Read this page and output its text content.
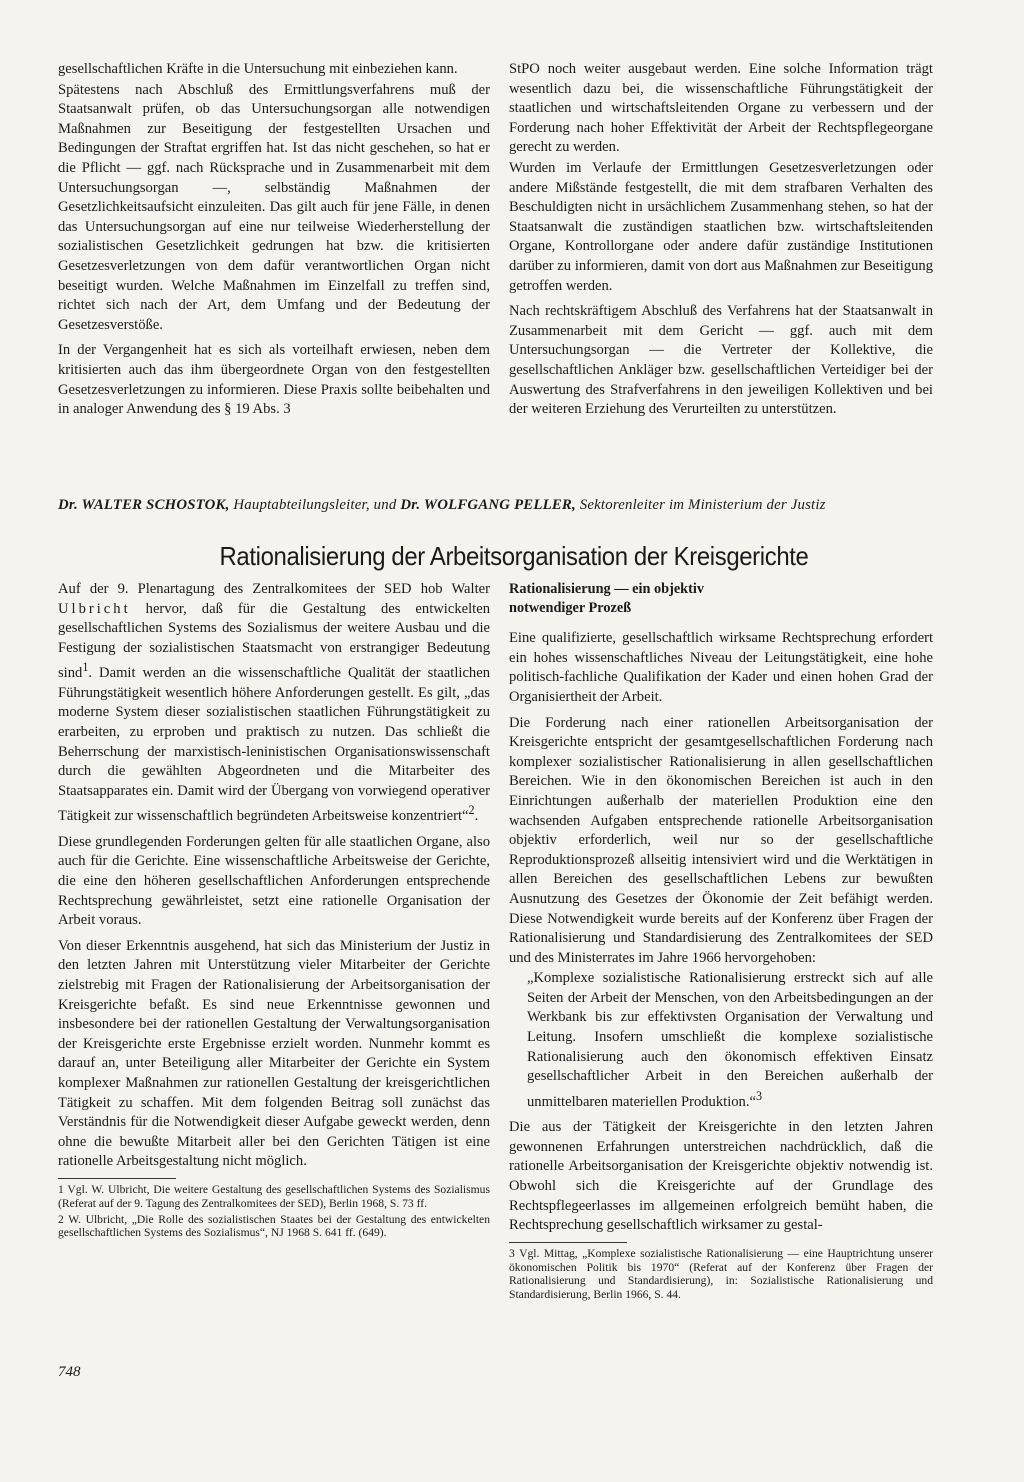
gesellschaftlichen Kräfte in die Untersuchung mit einbeziehen kann.

Spätestens nach Abschluß des Ermittlungsverfahrens muß der Staatsanwalt prüfen, ob das Untersuchungsorgan alle notwendigen Maßnahmen zur Beseitigung der festgestellten Ursachen und Bedingungen der Straftat ergriffen hat. Ist das nicht geschehen, so hat er die Pflicht — ggf. nach Rücksprache und in Zusammenarbeit mit dem Untersuchungsorgan —, selbständig Maßnahmen der Gesetzlichkeitsaufsicht einzuleiten. Das gilt auch für jene Fälle, in denen das Untersuchungsorgan auf eine nur teilweise Wiederherstellung der sozialistischen Gesetzlichkeit gedrungen hat bzw. die kritisierten Gesetzesverletzungen von dem dafür verantwortlichen Organ nicht beseitigt wurden. Welche Maßnahmen im Einzelfall zu treffen sind, richtet sich nach der Art, dem Umfang und der Bedeutung der Gesetzesverstöße.

In der Vergangenheit hat es sich als vorteilhaft erwiesen, neben dem kritisierten auch das ihm übergeordnete Organ von den festgestellten Gesetzesverletzungen zu informieren. Diese Praxis sollte beibehalten und in analoger Anwendung des § 19 Abs. 3

StPO noch weiter ausgebaut werden. Eine solche Information trägt wesentlich dazu bei, die wissenschaftliche Führungstätigkeit der staatlichen und wirtschaftsleitenden Organe zu verbessern und der Forderung nach hoher Effektivität der Arbeit der Rechtspflegeorgane gerecht zu werden.

Wurden im Verlaufe der Ermittlungen Gesetzesverletzungen oder andere Mißstände festgestellt, die mit dem strafbaren Verhalten des Beschuldigten nicht in ursächlichem Zusammenhang stehen, so hat der Staatsanwalt die zuständigen staatlichen bzw. wirtschaftsleitenden Organe, Kontrollorgane oder andere dafür zuständige Institutionen darüber zu informieren, damit von dort aus Maßnahmen zur Beseitigung getroffen werden.

Nach rechtskräftigem Abschluß des Verfahrens hat der Staatsanwalt in Zusammenarbeit mit dem Gericht — ggf. auch mit dem Untersuchungsorgan — die Vertreter der Kollektive, die gesellschaftlichen Ankläger bzw. gesellschaftlichen Verteidiger bei der Auswertung des Strafverfahrens in den jeweiligen Kollektiven und bei der weiteren Erziehung des Verurteilten zu unterstützen.

Dr. WALTER SCHOSTOK, Hauptabteilungsleiter, und Dr. WOLFGANG PELLER, Sektorenleiter im Ministerium der Justiz
Rationalisierung der Arbeitsorganisation der Kreisgerichte

Auf der 9. Plenartagung des Zentralkomitees der SED hob Walter Ulbricht hervor, daß für die Gestaltung des entwickelten gesellschaftlichen Systems des Sozialismus der weitere Ausbau und die Festigung der sozialistischen Staatsmacht von erstrangiger Bedeutung sind$^1$. Damit werden an die wissenschaftliche Qualität der staatlichen Führungstätigkeit wesentlich höhere Anforderungen gestellt. Es gilt, „das moderne System dieser sozialistischen staatlichen Führungstätigkeit zu erarbeiten, zu erproben und praktisch zu nutzen. Das schließt die Beherrschung der marxistisch-leninistischen Organisationswissenschaft durch die gewählten Abgeordneten und die Mitarbeiter des Staatsapparates ein. Damit wird der Übergang von vorwiegend operativer Tätigkeit zur wissenschaftlich begründeten Arbeitsweise konzentriert“$^2$.

Diese grundlegenden Forderungen gelten für alle staatlichen Organe, also auch für die Gerichte. Eine wissenschaftliche Arbeitsweise der Gerichte, die eine den höheren gesellschaftlichen Anforderungen entsprechende Rechtsprechung gewährleistet, setzt eine rationelle Organisation der Arbeit voraus.

Von dieser Erkenntnis ausgehend, hat sich das Ministerium der Justiz in den letzten Jahren mit Unterstützung vieler Mitarbeiter der Gerichte zielstrebig mit Fragen der Rationalisierung der Arbeitsorganisation der Kreisgerichte befaßt. Es sind neue Erkenntnisse gewonnen und insbesondere bei der rationellen Gestaltung der Verwaltungsorganisation der Kreisgerichte erste Ergebnisse erzielt worden. Nunmehr kommt es darauf an, unter Beteiligung aller Mitarbeiter der Gerichte ein System komplexer Maßnahmen zur rationellen Gestaltung der kreisgerichtlichen Tätigkeit zu schaffen. Mit dem folgenden Beitrag soll zunächst das Verständnis für die Notwendigkeit dieser Aufgabe geweckt werden, denn ohne die bewußte Mitarbeit aller bei den Gerichten Tätigen ist eine rationelle Arbeitsgestaltung nicht möglich.

1 Vgl. W. Ulbricht, Die weitere Gestaltung des gesellschaftlichen Systems des Sozialismus (Referat auf der 9. Tagung des Zentralkomitees der SED), Berlin 1968, S. 73 ff.
2 W. Ulbricht, „Die Rolle des sozialistischen Staates bei der Gestaltung des entwickelten gesellschaftlichen Systems des Sozialismus“, NJ 1968 S. 641 ff. (649).

Rationalisierung — ein objektiv
notwendiger Prozeß

Eine qualifizierte, gesellschaftlich wirksame Rechtsprechung erfordert ein hohes wissenschaftliches Niveau der Leitungstätigkeit, eine hohe politisch-fachliche Qualifikation der Kader und einen hohen Grad der Organisiertheit der Arbeit.

Die Forderung nach einer rationellen Arbeitsorganisation der Kreisgerichte entspricht der gesamtgesellschaftlichen Forderung nach komplexer sozialistischer Rationalisierung in allen gesellschaftlichen Bereichen. Wie in den ökonomischen Bereichen ist auch in den Einrichtungen außerhalb der materiellen Produktion eine den wachsenden Aufgaben entsprechende rationelle Arbeitsorganisation objektiv erforderlich, weil nur so der gesellschaftliche Reproduktionsprozeß allseitig intensiviert wird und die Werktätigen in allen Bereichen des gesellschaftlichen Lebens zur bewußten Ausnutzung des Gesetzes der Ökonomie der Zeit befähigt werden. Diese Notwendigkeit wurde bereits auf der Konferenz über Fragen der Rationalisierung und Standardisierung des Zentralkomitees der SED und des Ministerrates im Jahre 1966 hervorgehoben:

„Komplexe sozialistische Rationalisierung erstreckt sich auf alle Seiten der Arbeit der Menschen, von den Arbeitsbedingungen an der Werkbank bis zur effektivsten Organisation der Verwaltung und Leitung. Insofern umschließt die komplexe sozialistische Rationalisierung auch den ökonomisch effektiven Einsatz gesellschaftlicher Arbeit in den Bereichen außerhalb der unmittelbaren materiellen Produktion.“$^3$

Die aus der Tätigkeit der Kreisgerichte in den letzten Jahren gewonnenen Erfahrungen unterstreichen nachdrücklich, daß die rationelle Arbeitsorganisation der Kreisgerichte objektiv notwendig ist. Obwohl sich die Kreisgerichte auf der Grundlage des Rechtspflegeerlasses im allgemeinen erfolgreich bemüht haben, die Rechtsprechung gesellschaftlich wirksamer zu gestal-

3 Vgl. Mittag, „Komplexe sozialistische Rationalisierung — eine Hauptrichtung unserer ökonomischen Politik bis 1970“ (Referat auf der Konferenz über Fragen der Rationalisierung und Standardisierung), in: Sozialistische Rationalisierung und Standardisierung, Berlin 1966, S. 44.
748
